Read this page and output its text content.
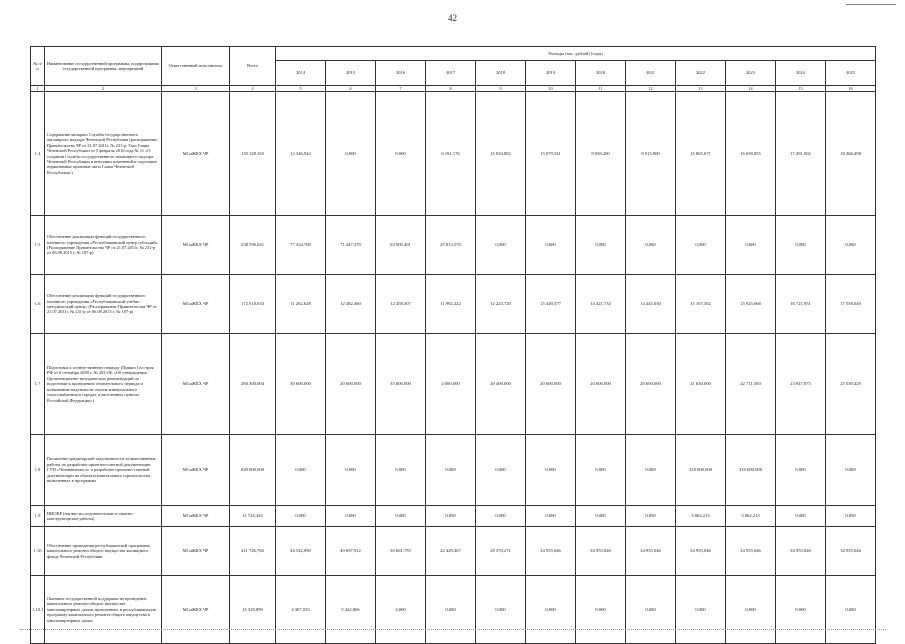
42
№ п/п	Наименование государственной программы, подпрограммы государственной программы, мероприятий	Ответственный исполнитель	Всего	Расходы (тыс. рублей) (годы)											
				2014	2015	2016	2017	2018	2019	2020	2021	2022	2023	2024	2025
1	2	3	4	5	6	7	8	9	10	11	12	13	14	15	16
1.4	Содержание аппарата Службы государственного жилищного надзора Чеченской Республики (распоряжение Правительства ЧР от 21.07.2011г. № 231-р, Указ Главы Чеченской Республики от 5 февраля 2016 года № 11 «О создании Службы государственного жилищного надзора Чеченской Республики и внесении изменений в отдельные нормативные правовые акты Главы Чеченской Республики»)	МСиЖКХ ЧР	135 128,165	12 346,942	0,000	0,000	6 191,176	15 034,892	15 079,541	8 938,200	8 913,900	15 865,671	16 658,955	17 491,902	18 366,498
1.5	Обеспечение реализации функций государственного казенного учреждения «Республиканский центр субсидий» (Распоряжение Правительства ЧР от 21.07.2011г. № 231-р от 06.08.2015 г. № 187-р)	МСиЖКХ ЧР	238 596,041	77 434,700	71 447,370	63 900,401	25 813,570	0,000	0,000	0,000	0,000	0,000	0,000	0,000	0,000
1.6	Обеспечение реализации функций государственного казенного учреждения «Республиканский учебно-методический центр» (Распоряжение Правительства ЧР от 21.07.2011г. № 231-р от 06.08.2015 г. № 187-р)	МСиЖКХ ЧР	172 018,633	11 262,628	12 482,460	12 458,307	11 992,222	12 223,720	15 449,377	14 421,734	14 445,030	15 167,302	15 925,668	16 721,951	17 558,049
1.7	Подготовка к осенне-зимнему периоду (Приказ Госстроя РФ от 6 сентября 2000 г. № 203-ОБ «Об утверждении Организационно-методических рекомендаций по подготовке к проведению отопительного периода и повышению надежности систем коммунального теплоснабжения в городах и населенных пунктах Российской Федерации»)	МСиЖКХ ЧР	260 300,004	30 600,000	20 600,000	35 600,000	4 000,000	20 400,000	20 600,000	20 600,000	20 600,000	21 630,000	22 711,500	23 847,075	25 039,429
1.8	Погашение кредиторской задолженности за выполненные работы по разработке проектно-сметной документации ГУП «Чеченавтомост» и разработке проектно-сметной документации на объекты капитального строительства, включенных в программы	МСиЖКХ ЧР	620 000,000	0,000	0,000	0,000	0,000	0,000	0,000	0,000	0,000	310 000,000	310 000,000	0,000	0,000
1.9	НИОКР (научно-исследовательские и опытно-конструкторские работы)	МСиЖКХ ЧР	11 724,426	0,000	0,000	0,000	0,000	0,000	0,000	0,000	0,000	5 862,213	5 862,213	0,000	0,000
1.10	Обеспечение проведения республиканской программы капитального ремонта общего имущества жилищного фонда Чеченской Республики	МСиЖКХ ЧР	411 726,766	44 542,090	40 697,912	30 661,755	22 429,467	28 370,271	34 955,046	34 955,046	34 955,046	34 955,046	34 955,046	34 955,046	34 955,046
1.10.1	Оказание государственной поддержки на проведение капитального ремонта общего имущества многоквартирных домов, включенных в республиканскую программу капитального ремонта общего имущества в многоквартирных домах	МСиЖКХ ЧР	15 329,899	4 307,033	5 422,866	4,000	0,000	0,000	0,000	0,000	0,000	0,000	0,000	0,000	0,000
